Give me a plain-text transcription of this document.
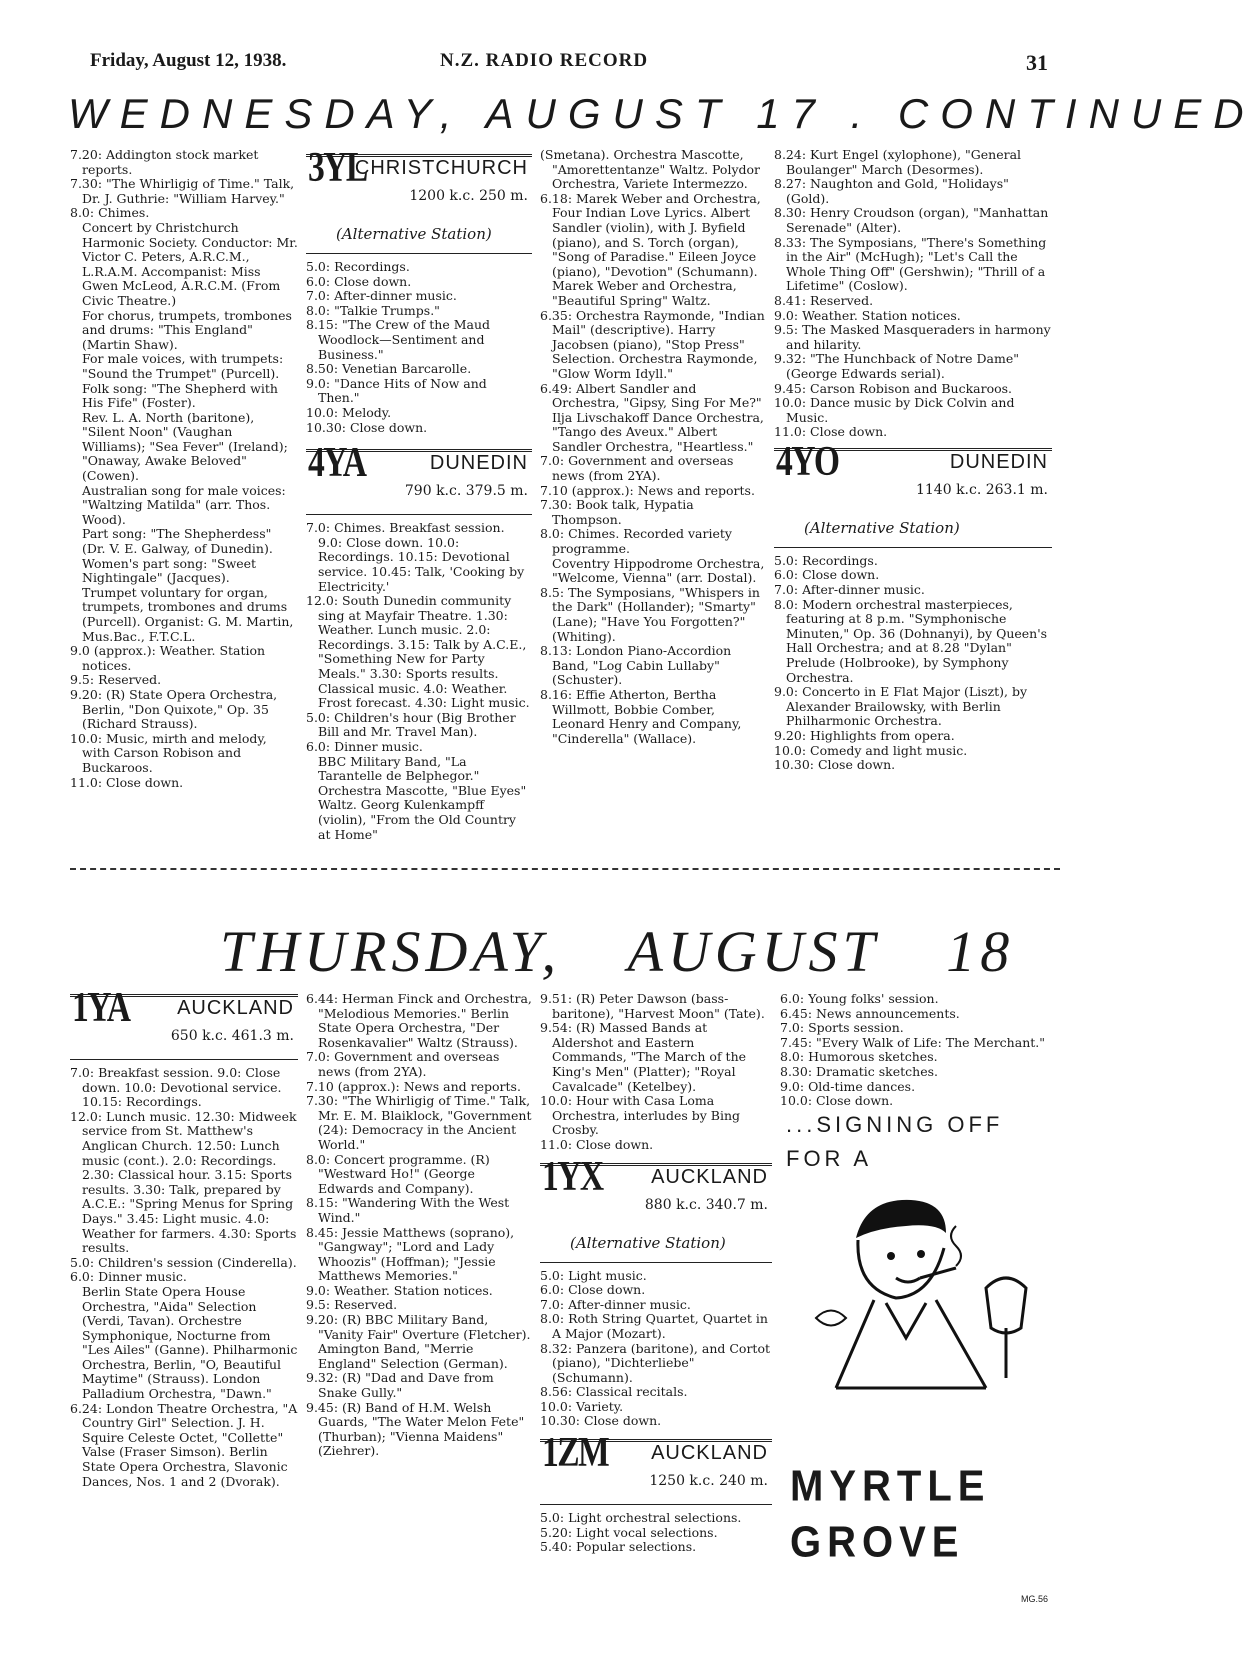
Friday, August 12, 1938.	N.Z. RADIO RECORD	31
WEDNESDAY, AUGUST 17 . CONTINUED

7.20: Addington stock market reports.

7.30: "The Whirligig of Time." Talk, Dr. J. Guthrie: "William Harvey."

8.0: Chimes.

Concert by Christchurch Harmonic Society. Conductor: Mr. Victor C. Peters, A.R.C.M., L.R.A.M. Accompanist: Miss Gwen McLeod, A.R.C.M. (From Civic Theatre.)

For chorus, trumpets, trombones and drums: "This England" (Martin Shaw).

For male voices, with trumpets: "Sound the Trumpet" (Purcell).

Folk song: "The Shepherd with His Fife" (Foster).

Rev. L. A. North (baritone), "Silent Noon" (Vaughan Williams); "Sea Fever" (Ireland); "Onaway, Awake Beloved" (Cowen).

Australian song for male voices: "Waltzing Matilda" (arr. Thos. Wood).

Part song: "The Shepherdess" (Dr. V. E. Galway, of Dunedin).

Women's part song: "Sweet Nightingale" (Jacques).

Trumpet voluntary for organ, trumpets, trombones and drums (Purcell). Organist: G. M. Martin, Mus.Bac., F.T.C.L.

9.0 (approx.): Weather. Station notices.

9.5: Reserved.

9.20: (R) State Opera Orchestra, Berlin, "Don Quixote," Op. 35 (Richard Strauss).

10.0: Music, mirth and melody, with Carson Robison and Buckaroos.

11.0: Close down.

3YL
CHRISTCHURCH
1200 k.c. 250 m.
(Alternative Station)

5.0: Recordings.

6.0: Close down.

7.0: After-dinner music.

8.0: "Talkie Trumps."

8.15: "The Crew of the Maud Woodlock—Sentiment and Business."

8.50: Venetian Barcarolle.

9.0: "Dance Hits of Now and Then."

10.0: Melody.

10.30: Close down.

4YA	DUNEDIN
790 k.c. 379.5 m.

7.0: Chimes. Breakfast session. 9.0: Close down. 10.0: Recordings. 10.15: Devotional service. 10.45: Talk, 'Cooking by Electricity.'

12.0: South Dunedin community sing at Mayfair Theatre. 1.30: Weather. Lunch music. 2.0: Recordings. 3.15: Talk by A.C.E., "Something New for Party Meals." 3.30: Sports results. Classical music. 4.0: Weather. Frost forecast. 4.30: Light music.

5.0: Children's hour (Big Brother Bill and Mr. Travel Man).

6.0: Dinner music.

BBC Military Band, "La Tarantelle de Belphegor." Orchestra Mascotte, "Blue Eyes" Waltz. Georg Kulenkampff (violin), "From the Old Country at Home"

(Smetana). Orchestra Mascotte, "Amorettentanze" Waltz. Polydor Orchestra, Variete Intermezzo.

6.18: Marek Weber and Orchestra, Four Indian Love Lyrics. Albert Sandler (violin), with J. Byfield (piano), and S. Torch (organ), "Song of Paradise." Eileen Joyce (piano), "Devotion" (Schumann). Marek Weber and Orchestra, "Beautiful Spring" Waltz.

6.35: Orchestra Raymonde, "Indian Mail" (descriptive). Harry Jacobsen (piano), "Stop Press" Selection. Orchestra Raymonde, "Glow Worm Idyll."

6.49: Albert Sandler and Orchestra, "Gipsy, Sing For Me?" Ilja Livschakoff Dance Orchestra, "Tango des Aveux." Albert Sandler Orchestra, "Heartless."

7.0: Government and overseas news (from 2YA).

7.10 (approx.): News and reports.

7.30: Book talk, Hypatia Thompson.

8.0: Chimes. Recorded variety programme.

Coventry Hippodrome Orchestra, "Welcome, Vienna" (arr. Dostal).

8.5: The Symposians, "Whispers in the Dark" (Hollander); "Smarty" (Lane); "Have You Forgotten?" (Whiting).

8.13: London Piano-Accordion Band, "Log Cabin Lullaby" (Schuster).

8.16: Effie Atherton, Bertha Willmott, Bobbie Comber, Leonard Henry and Company, "Cinderella" (Wallace).

8.24: Kurt Engel (xylophone), "General Boulanger" March (Desormes).

8.27: Naughton and Gold, "Holidays" (Gold).

8.30: Henry Croudson (organ), "Manhattan Serenade" (Alter).

8.33: The Symposians, "There's Something in the Air" (McHugh); "Let's Call the Whole Thing Off" (Gershwin); "Thrill of a Lifetime" (Coslow).

8.41: Reserved.

9.0: Weather. Station notices.

9.5: The Masked Masqueraders in harmony and hilarity.

9.32: "The Hunchback of Notre Dame" (George Edwards serial).

9.45: Carson Robison and Buckaroos.

10.0: Dance music by Dick Colvin and Music.

11.0: Close down.

4YO	DUNEDIN
1140 k.c. 263.1 m.
(Alternative Station)

5.0: Recordings.

6.0: Close down.

7.0: After-dinner music.

8.0: Modern orchestral masterpieces, featuring at 8 p.m. "Symphonische Minuten," Op. 36 (Dohnanyi), by Queen's Hall Orchestra; and at 8.28 "Dylan" Prelude (Holbrooke), by Symphony Orchestra.

9.0: Concerto in E Flat Major (Liszt), by Alexander Brailowsky, with Berlin Philharmonic Orchestra.

9.20: Highlights from opera.

10.0: Comedy and light music.

10.30: Close down.

THURSDAY, AUGUST 18
1YA AUCKLAND
650 k.c. 461.3 m.

7.0: Breakfast session. 9.0: Close down. 10.0: Devotional service. 10.15: Recordings.

12.0: Lunch music. 12.30: Midweek service from St. Matthew's Anglican Church. 12.50: Lunch music (cont.). 2.0: Recordings. 2.30: Classical hour. 3.15: Sports results. 3.30: Talk, prepared by A.C.E.: "Spring Menus for Spring Days." 3.45: Light music. 4.0: Weather for farmers. 4.30: Sports results.

5.0: Children's session (Cinderella).

6.0: Dinner music.

Berlin State Opera House Orchestra, "Aida" Selection (Verdi, Tavan). Orchestre Symphonique, Nocturne from "Les Ailes" (Ganne). Philharmonic Orchestra, Berlin, "O, Beautiful Maytime" (Strauss). London Palladium Orchestra, "Dawn."

6.24: London Theatre Orchestra, "A Country Girl" Selection. J. H. Squire Celeste Octet, "Collette" Valse (Fraser Simson). Berlin State Opera Orchestra, Slavonic Dances, Nos. 1 and 2 (Dvorak).

6.44: Herman Finck and Orchestra, "Melodious Memories." Berlin State Opera Orchestra, "Der Rosenkavalier" Waltz (Strauss).

7.0: Government and overseas news (from 2YA).

7.10 (approx.): News and reports.

7.30: "The Whirligig of Time." Talk, Mr. E. M. Blaiklock, "Government (24): Democracy in the Ancient World."

8.0: Concert programme. (R) "Westward Ho!" (George Edwards and Company).

8.15: "Wandering With the West Wind."

8.45: Jessie Matthews (soprano), "Gangway"; "Lord and Lady Whoozis" (Hoffman); "Jessie Matthews Memories."

9.0: Weather. Station notices.

9.5: Reserved.

9.20: (R) BBC Military Band, "Vanity Fair" Overture (Fletcher).

Amington Band, "Merrie England" Selection (German).

9.32: (R) "Dad and Dave from Snake Gully."

9.45: (R) Band of H.M. Welsh Guards, "The Water Melon Fete" (Thurban); "Vienna Maidens" (Ziehrer).

9.51: (R) Peter Dawson (bass-baritone), "Harvest Moon" (Tate).

9.54: (R) Massed Bands at Aldershot and Eastern Commands, "The March of the King's Men" (Platter); "Royal Cavalcade" (Ketelbey).

10.0: Hour with Casa Loma Orchestra, interludes by Bing Crosby.

11.0: Close down.

1YX AUCKLAND
880 k.c. 340.7 m.
(Alternative Station)

5.0: Light music.

6.0: Close down.

7.0: After-dinner music.

8.0: Roth String Quartet, Quartet in A Major (Mozart).

8.32: Panzera (baritone), and Cortot (piano), "Dichterliebe" (Schumann).

8.56: Classical recitals.

10.0: Variety.

10.30: Close down.

1ZM AUCKLAND
1250 k.c. 240 m.

5.0: Light orchestral selections.

5.20: Light vocal selections.

5.40: Popular selections.

6.0: Young folks' session.

6.45: News announcements.

7.0: Sports session.

7.45: "Every Walk of Life: The Merchant."

8.0: Humorous sketches.

8.30: Dramatic sketches.

9.0: Old-time dances.

10.0: Close down.

...SIGNING OFF
FOR A
MYRTLE
GROVE
MG.56
